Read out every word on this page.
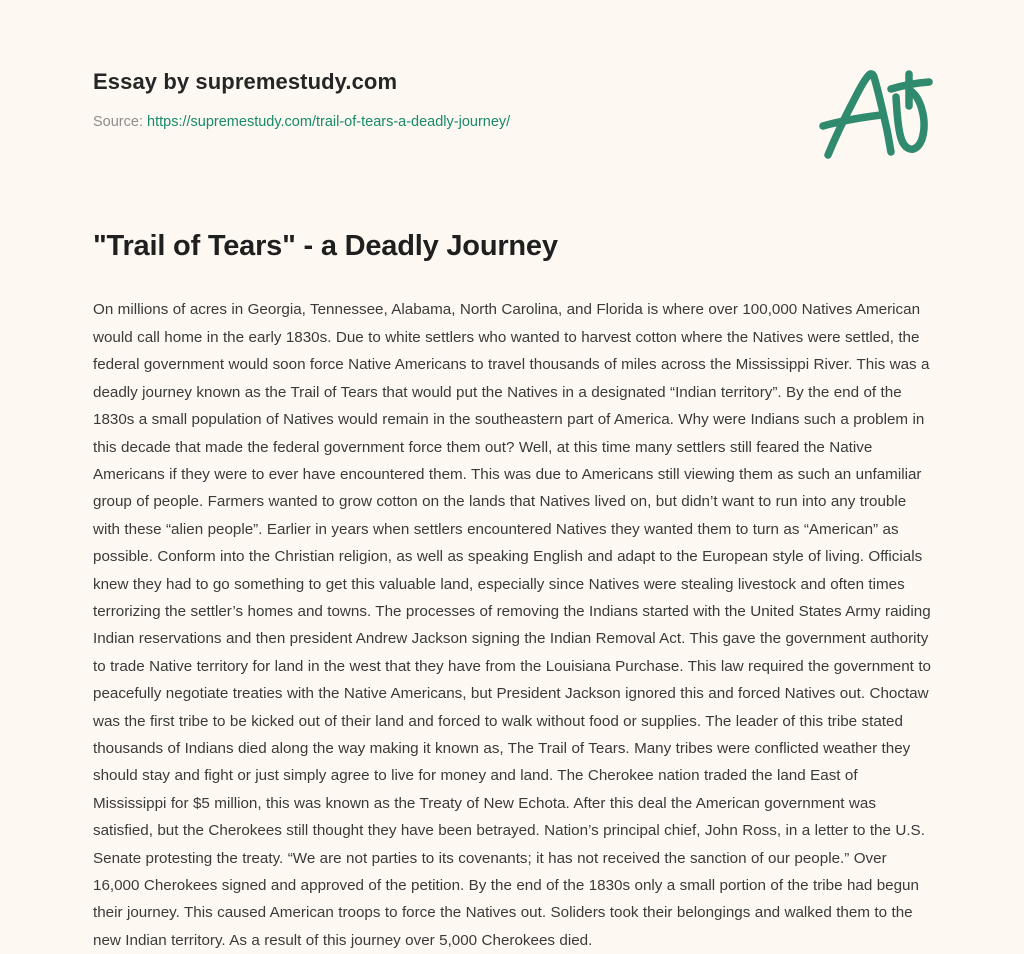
Essay by supremestudy.com
Source: https://supremestudy.com/trail-of-tears-a-deadly-journey/
"Trail of Tears" - a Deadly Journey

On millions of acres in Georgia, Tennessee, Alabama, North Carolina, and Florida is where over 100,000 Natives American would call home in the early 1830s. Due to white settlers who wanted to harvest cotton where the Natives were settled, the federal government would soon force Native Americans to travel thousands of miles across the Mississippi River. This was a deadly journey known as the Trail of Tears that would put the Natives in a designated “Indian territory”. By the end of the 1830s a small population of Natives would remain in the southeastern part of America. Why were Indians such a problem in this decade that made the federal government force them out? Well, at this time many settlers still feared the Native Americans if they were to ever have encountered them. This was due to Americans still viewing them as such an unfamiliar group of people. Farmers wanted to grow cotton on the lands that Natives lived on, but didn’t want to run into any trouble with these “alien people”. Earlier in years when settlers encountered Natives they wanted them to turn as “American” as possible. Conform into the Christian religion, as well as speaking English and adapt to the European style of living. Officials knew they had to go something to get this valuable land, especially since Natives were stealing livestock and often times terrorizing the settler’s homes and towns. The processes of removing the Indians started with the United States Army raiding Indian reservations and then president Andrew Jackson signing the Indian Removal Act. This gave the government authority to trade Native territory for land in the west that they have from the Louisiana Purchase. This law required the government to peacefully negotiate treaties with the Native Americans, but President Jackson ignored this and forced Natives out. Choctaw was the first tribe to be kicked out of their land and forced to walk without food or supplies. The leader of this tribe stated thousands of Indians died along the way making it known as, The Trail of Tears. Many tribes were conflicted weather they should stay and fight or just simply agree to live for money and land. The Cherokee nation traded the land East of Mississippi for $5 million, this was known as the Treaty of New Echota. After this deal the American government was satisfied, but the Cherokees still thought they have been betrayed. Nation’s principal chief, John Ross, in a letter to the U.S. Senate protesting the treaty. “We are not parties to its covenants; it has not received the sanction of our people.” Over 16,000 Cherokees signed and approved of the petition. By the end of the 1830s only a small portion of the tribe had begun their journey. This caused American troops to force the Natives out. Soliders took their belongings and walked them to the new Indian territory. As a result of this journey over 5,000 Cherokees died.
